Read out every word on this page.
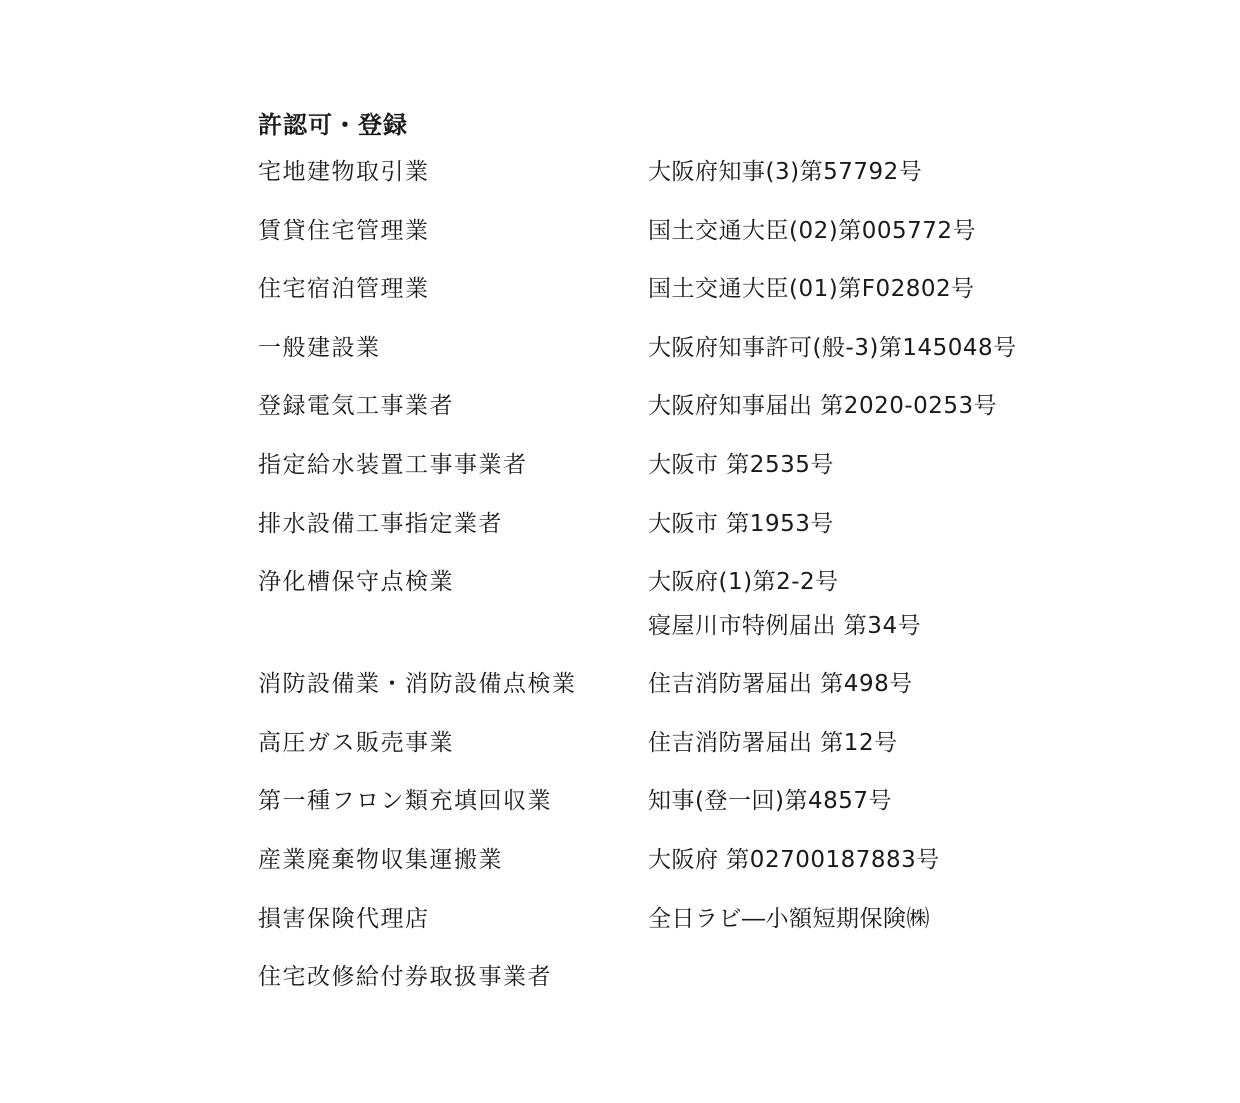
許認可・登録
宅地建物取引業	大阪府知事(3)第57792号
賃貸住宅管理業	国土交通大臣(02)第005772号
住宅宿泊管理業	国土交通大臣(01)第F02802号
一般建設業	大阪府知事許可(般-3)第145048号
登録電気工事業者	大阪府知事届出 第2020-0253号
指定給水装置工事事業者	大阪市 第2535号
排水設備工事指定業者	大阪市 第1953号
浄化槽保守点検業	大阪府(1)第2-2号
寝屋川市特例届出 第34号
消防設備業・消防設備点検業	住吉消防署届出 第498号
高圧ガス販売事業	住吉消防署届出 第12号
第一種フロン類充填回収業	知事(登一回)第4857号
産業廃棄物収集運搬業	大阪府 第02700187883号
損害保険代理店	全日ラビ―小額短期保険㈱
住宅改修給付券取扱事業者
